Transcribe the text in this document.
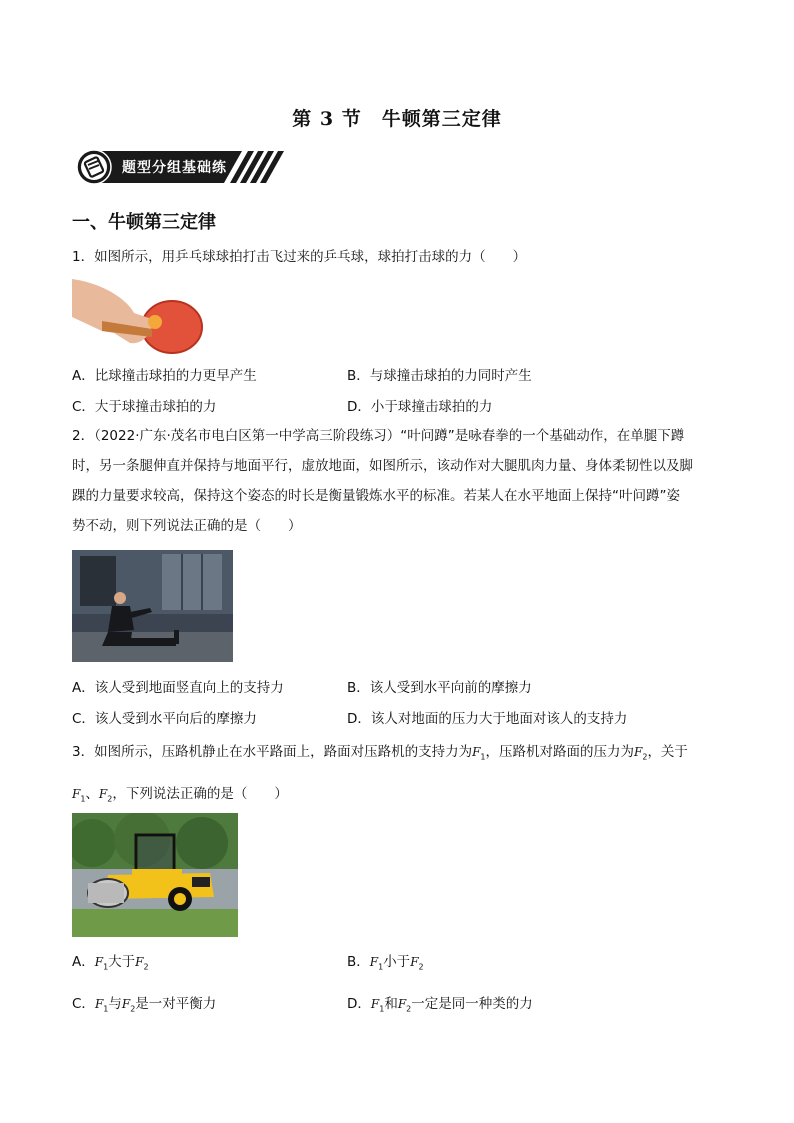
第 3 节　牛顿第三定律
题型分组基础练
一、牛顿第三定律
1．如图所示，用乒乓球球拍打击飞过来的乒乓球，球拍打击球的力（　　）
A．比球撞击球拍的力更早产生	B．与球撞击球拍的力同时产生
C．大于球撞击球拍的力	D．小于球撞击球拍的力
2．（2022·广东·茂名市电白区第一中学高三阶段练习）“叶问蹲”是咏春拳的一个基础动作，在单腿下蹲
时，另一条腿伸直并保持与地面平行，虚放地面，如图所示，该动作对大腿肌肉力量、身体柔韧性以及脚
踝的力量要求较高，保持这个姿态的时长是衡量锻炼水平的标准。若某人在水平地面上保持“叶问蹲”姿
势不动，则下列说法正确的是（　　）
A．该人受到地面竖直向上的支持力	B．该人受到水平向前的摩擦力
C．该人受到水平向后的摩擦力	D．该人对地面的压力大于地面对该人的支持力
3．如图所示，压路机静止在水平路面上，路面对压路机的支持力为$F_1$，压路机对路面的压力为$F_2$，关于
$F_1$、$F_2$，下列说法正确的是（　　）
A．$F_1$大于$F_2$	B．$F_1$小于$F_2$
C．$F_1$与$F_2$是一对平衡力	D．$F_1$和$F_2$一定是同一种类的力
